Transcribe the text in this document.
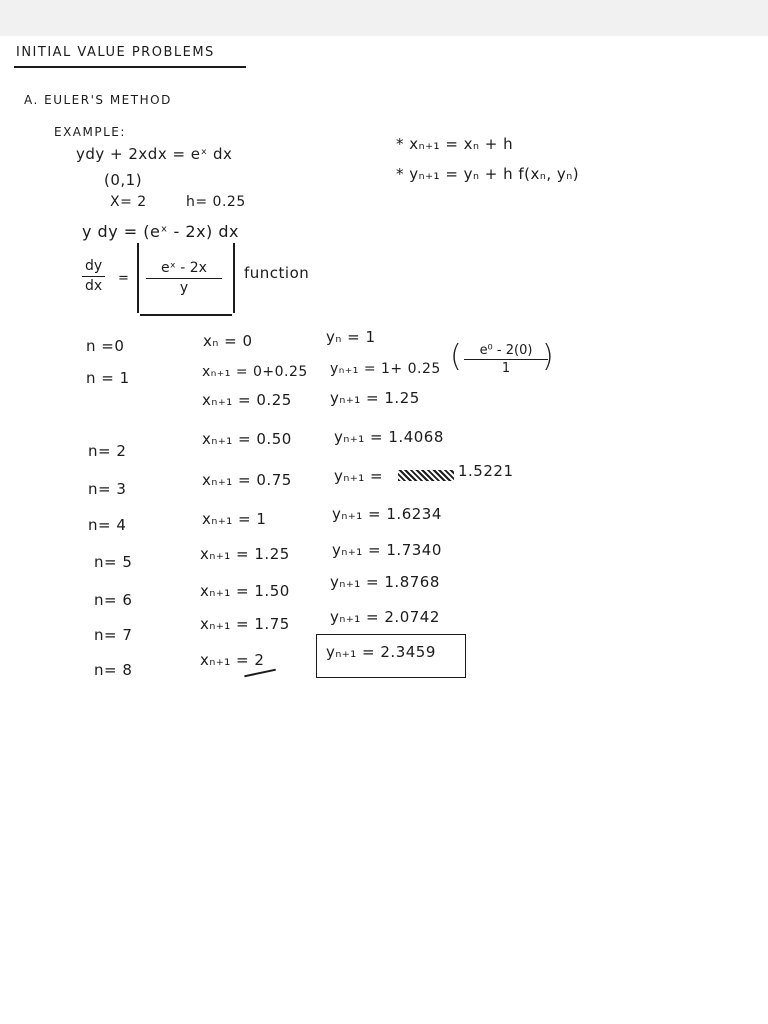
INITIAL VALUE PROBLEMS
A. EULER'S METHOD
EXAMPLE:
ydy + 2xdx = eˣ dx
(0,1)
X= 2	h= 0.25
* xₙ₊₁ = xₙ + h
* yₙ₊₁ = yₙ + h f(xₙ, yₙ)
y dy = (eˣ - 2x) dx
$\frac{dy}{dx} = \frac{\text{eˣ - 2x}}{y}$ function
n =0
n = 1
n= 2
n= 3
n= 4
n= 5
n= 6
n= 7
n= 8
xₙ = 0
xₙ₊₁ = 0+0.25
xₙ₊₁ = 0.25
xₙ₊₁ = 0.50
xₙ₊₁ = 0.75
xₙ₊₁ = 1
xₙ₊₁ = 1.25
xₙ₊₁ = 1.50
xₙ₊₁ = 1.75
xₙ₊₁ = 2
yₙ = 1
yₙ₊₁ = 1+ 0.25 ( $\frac{\text{e⁰ - 2(0)}}{1}$
)
yₙ₊₁ = 1.25
yₙ₊₁ = 1.4068
yₙ₊₁ =	1.5221
yₙ₊₁ = 1.6234
yₙ₊₁ = 1.7340
yₙ₊₁ = 1.8768
yₙ₊₁ = 2.0742
yₙ₊₁ = 2.3459
